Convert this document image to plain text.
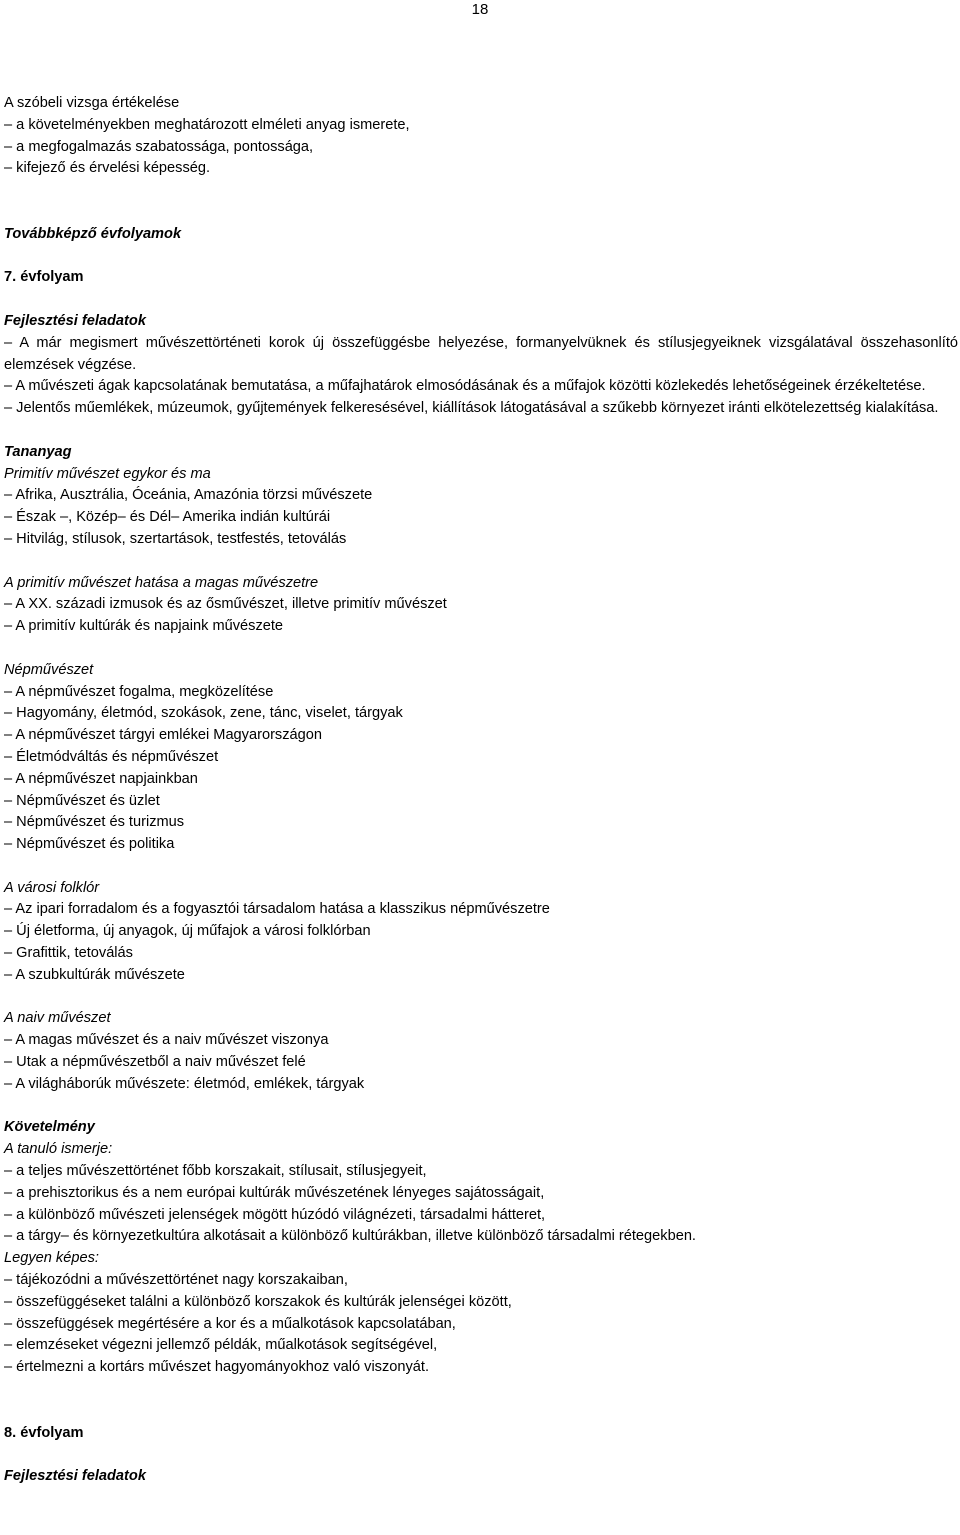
18
A szóbeli vizsga értékelése
– a követelményekben meghatározott elméleti anyag ismerete,
– a megfogalmazás szabatossága, pontossága,
– kifejező és érvelési képesség.
Továbbképző évfolyamok
7. évfolyam
Fejlesztési feladatok
– A már megismert művészettörténeti korok új összefüggésbe helyezése, formanyelvüknek és stílusjegyeiknek vizsgálatával összehasonlító elemzések végzése.
– A művészeti ágak kapcsolatának bemutatása, a műfajhatárok elmosódásának és a műfajok közötti közlekedés lehetőségeinek érzékeltetése.
– Jelentős műemlékek, múzeumok, gyűjtemények felkeresésével, kiállítások látogatásával a szűkebb környezet iránti elkötelezettség kialakítása.
Tananyag
Primitív művészet egykor és ma
– Afrika, Ausztrália, Óceánia, Amazónia törzsi művészete
– Észak –, Közép– és Dél– Amerika indián kultúrái
– Hitvilág, stílusok, szertartások, testfestés, tetoválás
A primitív művészet hatása a magas művészetre
– A XX. századi izmusok és az ősművészet, illetve primitív művészet
– A primitív kultúrák és napjaink művészete
Népművészet
– A népművészet fogalma, megközelítése
– Hagyomány, életmód, szokások, zene, tánc, viselet, tárgyak
– A népművészet tárgyi emlékei Magyarországon
– Életmódváltás és népművészet
– A népművészet napjainkban
– Népművészet és üzlet
– Népművészet és turizmus
– Népművészet és politika
A városi folklór
– Az ipari forradalom és a fogyasztói társadalom hatása a klasszikus népművészetre
– Új életforma, új anyagok, új műfajok a városi folklórban
– Grafittik, tetoválás
– A szubkultúrák művészete
A naiv művészet
– A magas művészet és a naiv művészet viszonya
– Utak a népművészetből a naiv művészet felé
– A világháborúk művészete: életmód, emlékek, tárgyak
Követelmény
A tanuló ismerje:
– a teljes művészettörténet főbb korszakait, stílusait, stílusjegyeit,
– a prehisztorikus és a nem európai kultúrák művészetének lényeges sajátosságait,
– a különböző művészeti jelenségek mögött húzódó világnézeti, társadalmi hátteret,
– a tárgy– és környezetkultúra alkotásait a különböző kultúrákban, illetve különböző társadalmi rétegekben.
Legyen képes:
– tájékozódni a művészettörténet nagy korszakaiban,
– összefüggéseket találni a különböző korszakok és kultúrák jelenségei között,
– összefüggések megértésére a kor és a műalkotások kapcsolatában,
– elemzéseket végezni jellemző példák, műalkotások segítségével,
– értelmezni a kortárs művészet hagyományokhoz való viszonyát.
8. évfolyam
Fejlesztési feladatok
